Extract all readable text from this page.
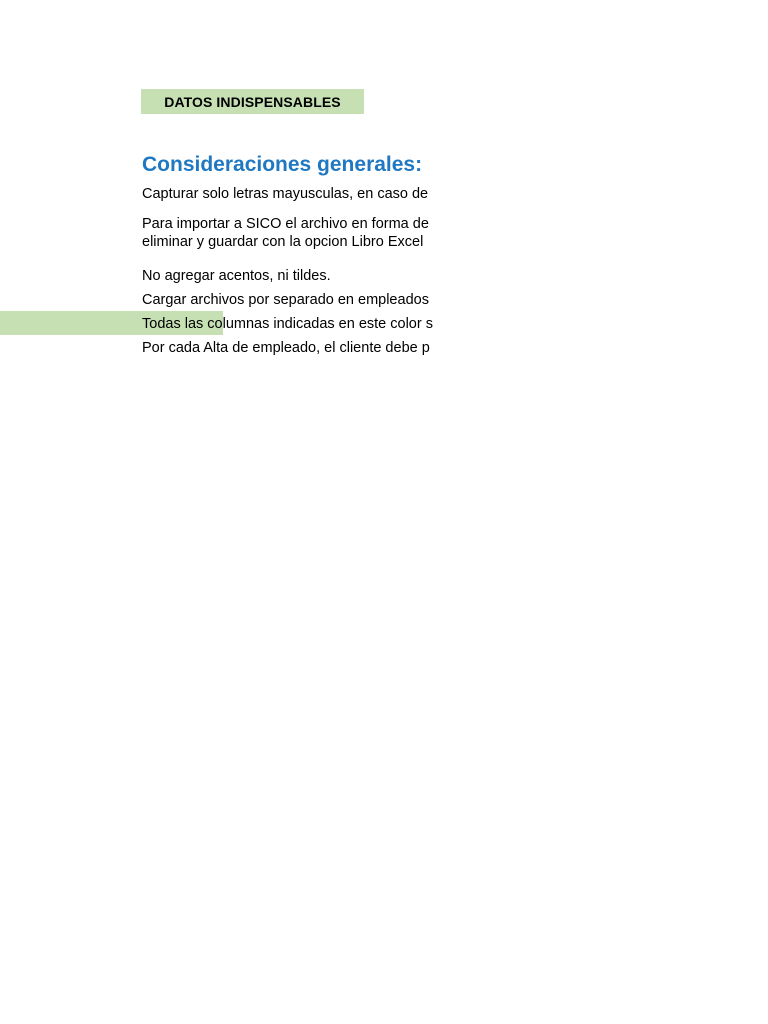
DATOS INDISPENSABLES
Consideraciones generales:
Capturar solo letras mayusculas, en caso de
Para importar a SICO el archivo en forma de
eliminar y guardar con la opcion Libro Excel
No agregar acentos, ni tildes.
Cargar archivos por separado en empleados
Todas las columnas indicadas en este color s
Por cada Alta de empleado, el cliente debe p
